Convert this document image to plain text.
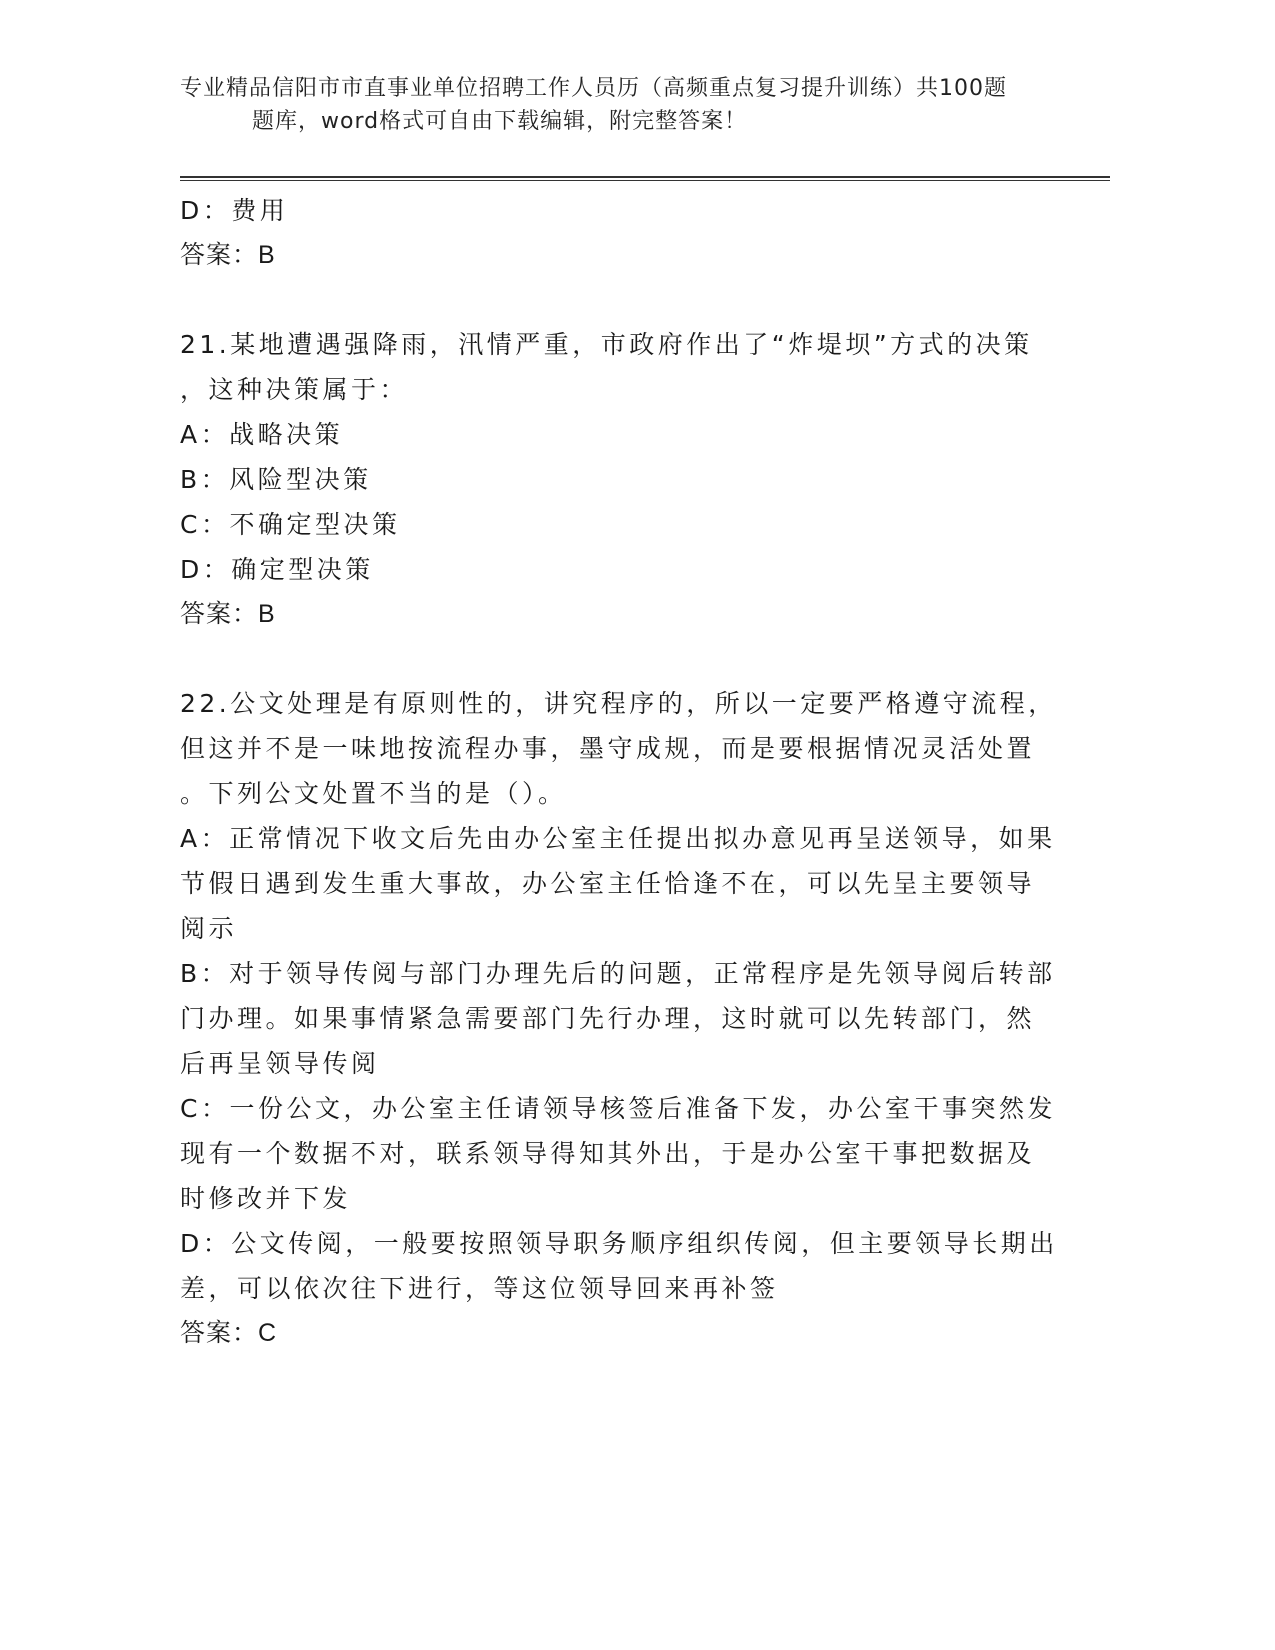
专业精品信阳市市直事业单位招聘工作人员历（高频重点复习提升训练）共100题
题库，word格式可自由下载编辑，附完整答案！
D：费用
答案：B
21.某地遭遇强降雨，汛情严重，市政府作出了“炸堤坝”方式的决策
，这种决策属于：
A：战略决策
B：风险型决策
C：不确定型决策
D：确定型决策
答案：B
22.公文处理是有原则性的，讲究程序的，所以一定要严格遵守流程，
但这并不是一味地按流程办事，墨守成规，而是要根据情况灵活处置
。下列公文处置不当的是（）。
A：正常情况下收文后先由办公室主任提出拟办意见再呈送领导，如果
节假日遇到发生重大事故，办公室主任恰逢不在，可以先呈主要领导
阅示
B：对于领导传阅与部门办理先后的问题，正常程序是先领导阅后转部
门办理。如果事情紧急需要部门先行办理，这时就可以先转部门，然
后再呈领导传阅
C：一份公文，办公室主任请领导核签后准备下发，办公室干事突然发
现有一个数据不对，联系领导得知其外出，于是办公室干事把数据及
时修改并下发
D：公文传阅，一般要按照领导职务顺序组织传阅，但主要领导长期出
差，可以依次往下进行，等这位领导回来再补签
答案：C
